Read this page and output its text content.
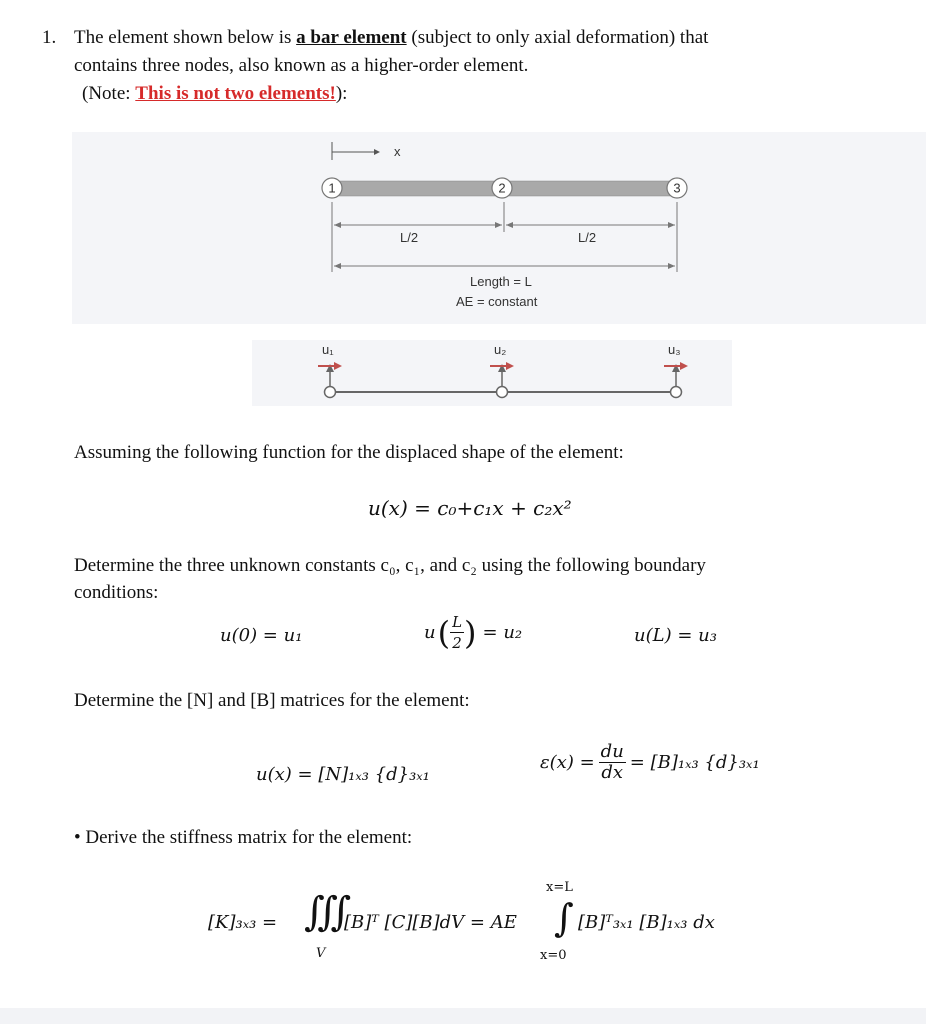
1. The element shown below is a bar element (subject to only axial deformation) that
contains three nodes, also known as a higher-order element.
(Note: This is not two elements!):
x
1	2	3
L/2	L/2
Length = L
AE = constant
u₁	u₂	u₃
Assuming the following function for the displaced shape of the element:
u(x) = c₀+c₁x + c₂x²
Determine the three unknown constants c₀, c₁, and c₂ using the following boundary
conditions:
u(0) = u₁	u ( $\frac{L}{2}$ ) = u₂	u(L) = u₃
Determine the [N] and [B] matrices for the element:
u(x) = [N]₁ₓ₃ {d}₃ₓ₁
$\varepsilon(x) = \frac{du}{dx} = [B]_{1x3}$ {d}₃ₓ₁
• Derive the stiffness matrix for the element:
[K]₃ₓ₃ = ∭
V
[B]ᵀ [C][B]dV = AE
x=L
∫
x=0
[B]ᵀ₃ₓ₁ [B]₁ₓ₃ dx
